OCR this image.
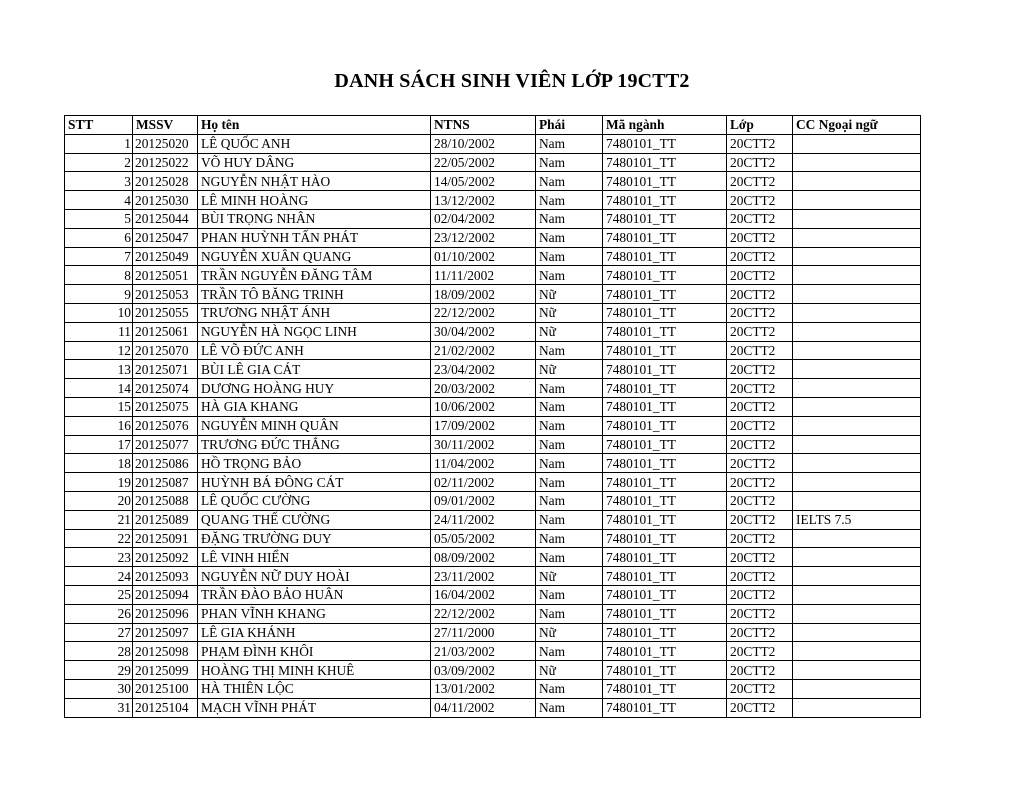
DANH SÁCH SINH VIÊN LỚP 19CTT2
STT	MSSV	Họ tên	NTNS	Phái	Mã ngành	Lớp	CC Ngoại ngữ
1	20125020	LÊ QUỐC ANH	28/10/2002	Nam	7480101_TT	20CTT2	
2	20125022	VÕ HUY DÂNG	22/05/2002	Nam	7480101_TT	20CTT2	
3	20125028	NGUYỄN NHẬT HÀO	14/05/2002	Nam	7480101_TT	20CTT2	
4	20125030	LÊ MINH HOÀNG	13/12/2002	Nam	7480101_TT	20CTT2	
5	20125044	BÙI TRỌNG NHÂN	02/04/2002	Nam	7480101_TT	20CTT2	
6	20125047	PHAN HUỲNH TẤN PHÁT	23/12/2002	Nam	7480101_TT	20CTT2	
7	20125049	NGUYỄN XUÂN QUANG	01/10/2002	Nam	7480101_TT	20CTT2	
8	20125051	TRẦN NGUYỄN ĐĂNG TÂM	11/11/2002	Nam	7480101_TT	20CTT2	
9	20125053	TRẦN TÔ BĂNG TRINH	18/09/2002	Nữ	7480101_TT	20CTT2	
10	20125055	TRƯƠNG NHẬT ÁNH	22/12/2002	Nữ	7480101_TT	20CTT2	
11	20125061	NGUYỄN HÀ NGỌC LINH	30/04/2002	Nữ	7480101_TT	20CTT2	
12	20125070	LÊ VÕ ĐỨC ANH	21/02/2002	Nam	7480101_TT	20CTT2	
13	20125071	BÙI LÊ GIA CÁT	23/04/2002	Nữ	7480101_TT	20CTT2	
14	20125074	DƯƠNG HOÀNG HUY	20/03/2002	Nam	7480101_TT	20CTT2	
15	20125075	HÀ GIA KHANG	10/06/2002	Nam	7480101_TT	20CTT2	
16	20125076	NGUYỄN MINH QUÂN	17/09/2002	Nam	7480101_TT	20CTT2	
17	20125077	TRƯƠNG ĐỨC THẮNG	30/11/2002	Nam	7480101_TT	20CTT2	
18	20125086	HỒ TRỌNG BẢO	11/04/2002	Nam	7480101_TT	20CTT2	
19	20125087	HUỲNH BÁ ĐÔNG CÁT	02/11/2002	Nam	7480101_TT	20CTT2	
20	20125088	LÊ QUỐC CƯỜNG	09/01/2002	Nam	7480101_TT	20CTT2	
21	20125089	QUANG THẾ CƯỜNG	24/11/2002	Nam	7480101_TT	20CTT2	IELTS 7.5
22	20125091	ĐẶNG TRƯỜNG DUY	05/05/2002	Nam	7480101_TT	20CTT2	
23	20125092	LÊ VINH HIỂN	08/09/2002	Nam	7480101_TT	20CTT2	
24	20125093	NGUYỄN NỮ DUY HOÀI	23/11/2002	Nữ	7480101_TT	20CTT2	
25	20125094	TRẦN ĐÀO BẢO HUÂN	16/04/2002	Nam	7480101_TT	20CTT2	
26	20125096	PHAN VĨNH KHANG	22/12/2002	Nam	7480101_TT	20CTT2	
27	20125097	LÊ GIA KHÁNH	27/11/2000	Nữ	7480101_TT	20CTT2	
28	20125098	PHẠM ĐÌNH KHÔI	21/03/2002	Nam	7480101_TT	20CTT2	
29	20125099	HOÀNG THỊ MINH KHUÊ	03/09/2002	Nữ	7480101_TT	20CTT2	
30	20125100	HÀ THIÊN LỘC	13/01/2002	Nam	7480101_TT	20CTT2	
31	20125104	MẠCH VĨNH PHÁT	04/11/2002	Nam	7480101_TT	20CTT2	
